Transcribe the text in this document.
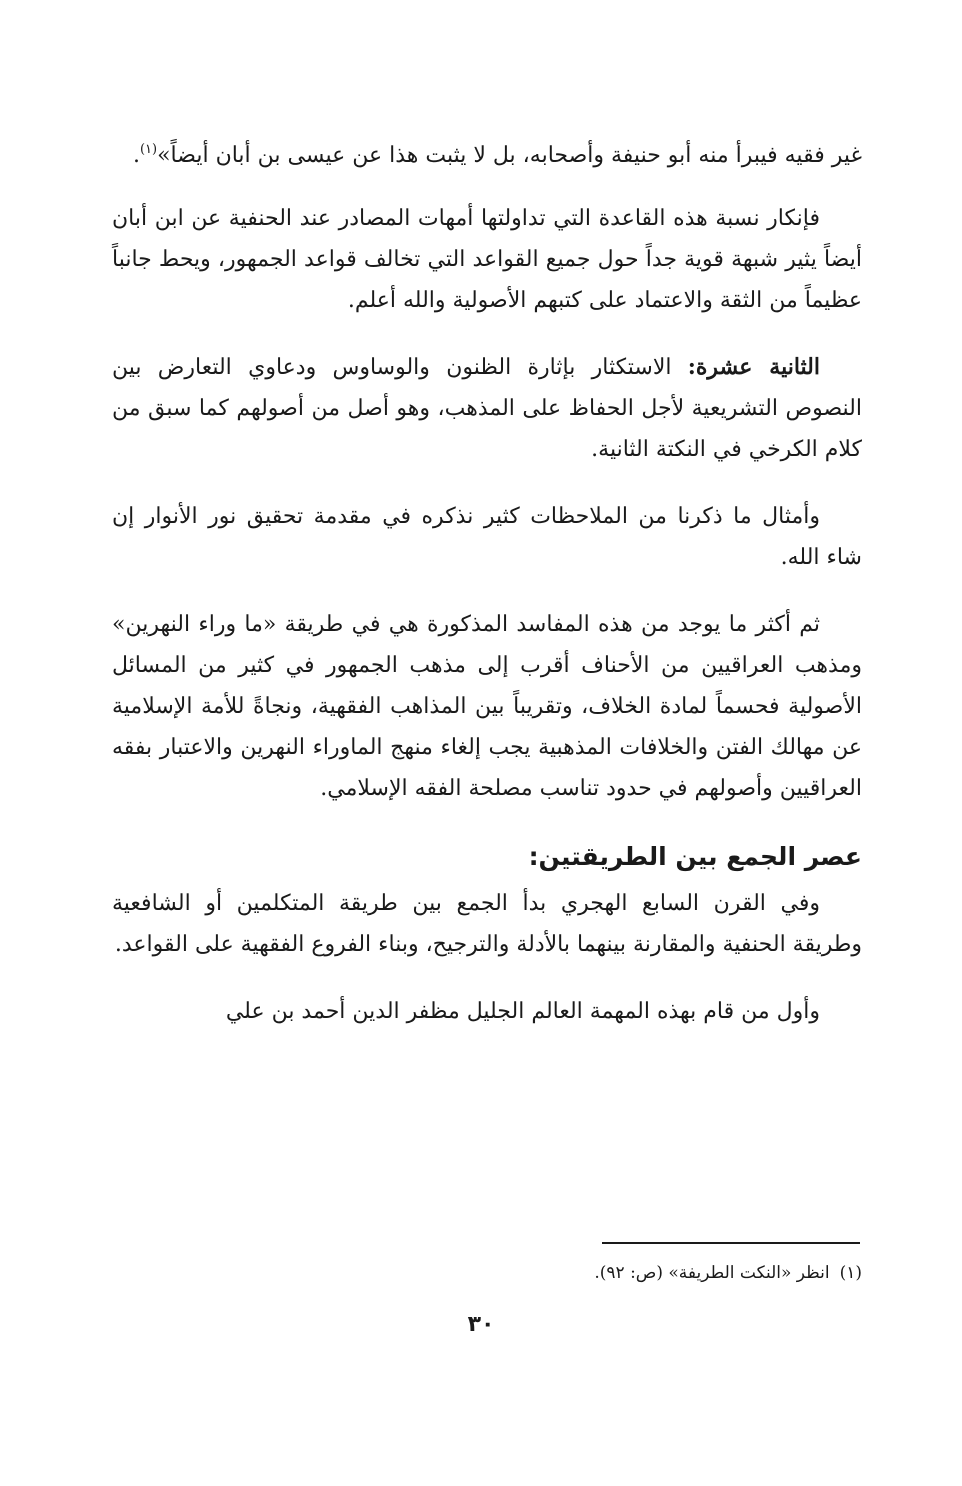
غير فقيه فيبرأ منه أبو حنيفة وأصحابه، بل لا يثبت هذا عن عيسى بن أبان أيضاً»$^{(١)}$.

فإنكار نسبة هذه القاعدة التي تداولتها أمهات المصادر عند الحنفية عن ابن أبان أيضاً يثير شبهة قوية جداً حول جميع القواعد التي تخالف قواعد الجمهور، ويحط جانباً عظيماً من الثقة والاعتماد على كتبهم الأصولية والله أعلم.

الثانية عشرة: الاستكثار بإثارة الظنون والوساوس ودعاوي التعارض بين النصوص التشريعية لأجل الحفاظ على المذهب، وهو أصل من أصولهم كما سبق من كلام الكرخي في النكتة الثانية.

وأمثال ما ذكرنا من الملاحظات كثير نذكره في مقدمة تحقيق نور الأنوار إن شاء الله.

ثم أكثر ما يوجد من هذه المفاسد المذكورة هي في طريقة «ما وراء النهرين» ومذهب العراقيين من الأحناف أقرب إلى مذهب الجمهور في كثير من المسائل الأصولية فحسماً لمادة الخلاف، وتقريباً بين المذاهب الفقهية، ونجاةً للأمة الإسلامية عن مهالك الفتن والخلافات المذهبية يجب إلغاء منهج الماوراء النهرين والاعتبار بفقه العراقيين وأصولهم في حدود تناسب مصلحة الفقه الإسلامي.

عصر الجمع بين الطريقتين:

وفي القرن السابع الهجري بدأ الجمع بين طريقة المتكلمين أو الشافعية وطريقة الحنفية والمقارنة بينهما بالأدلة والترجيح، وبناء الفروع الفقهية على القواعد.

وأول من قام بهذه المهمة العالم الجليل مظفر الدين أحمد بن علي

(١)انظر «النكت الطريفة» (ص: ٩٢).
٣٠
